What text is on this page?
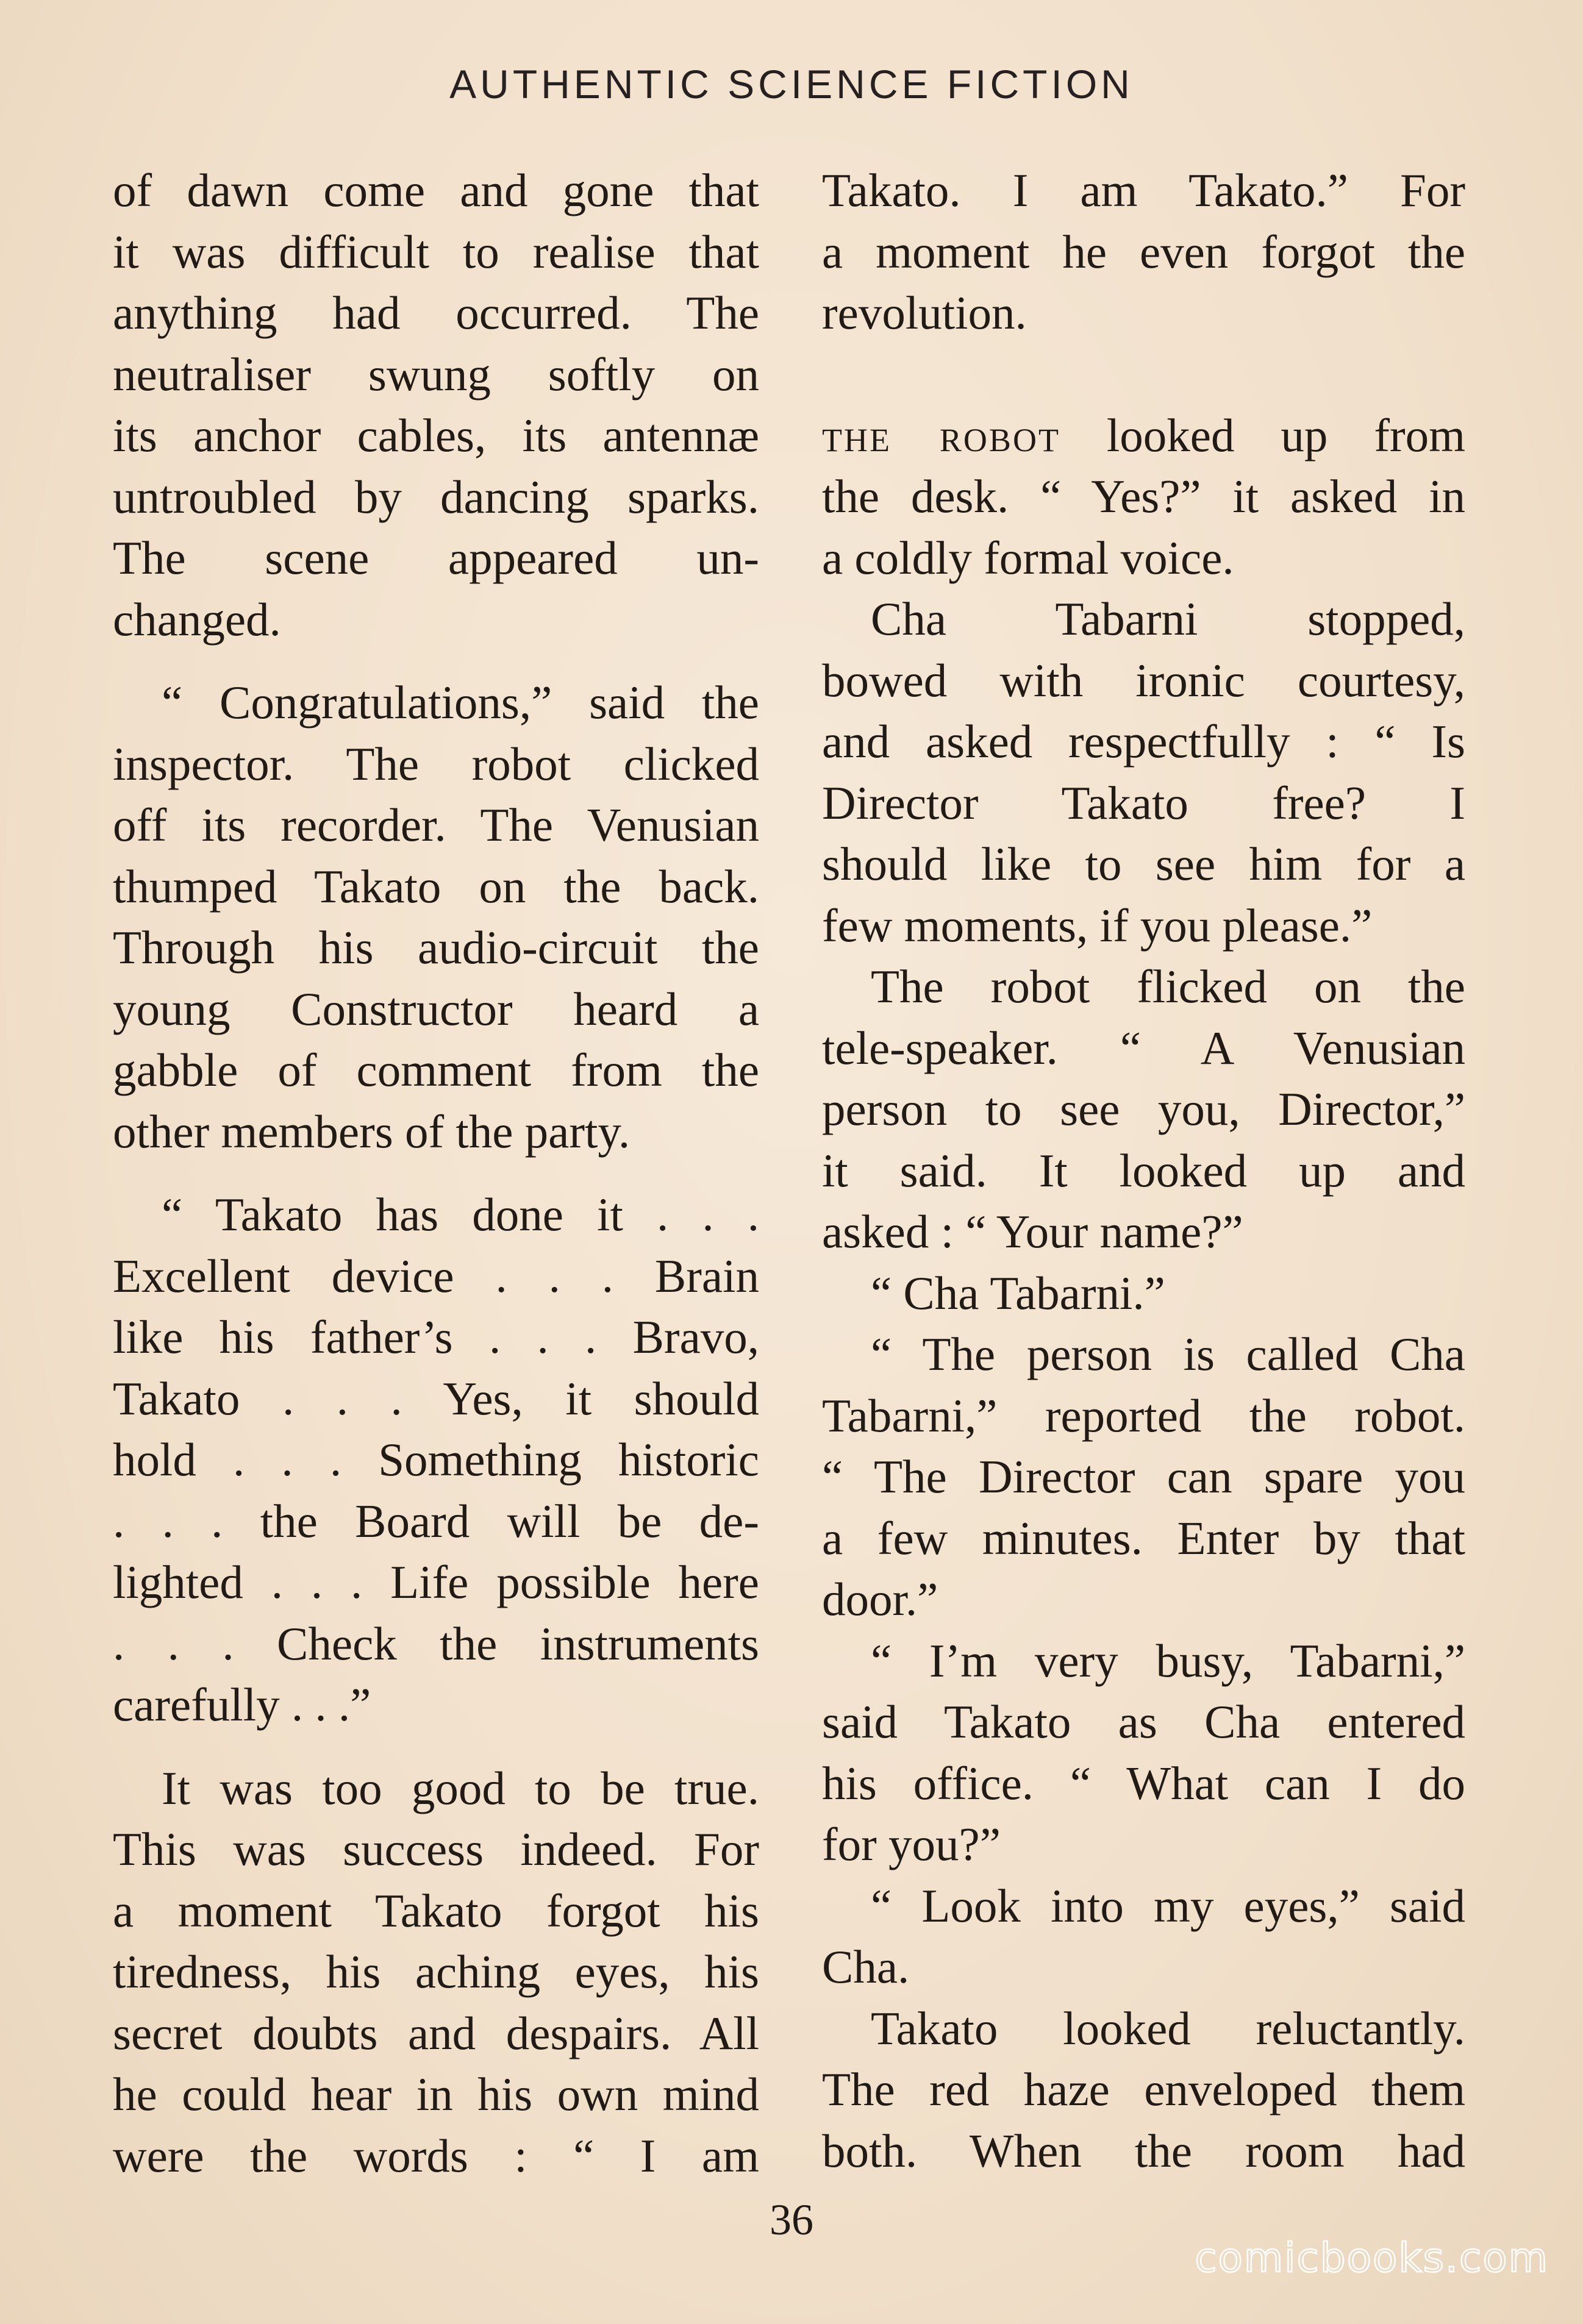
AUTHENTIC SCIENCE FICTION
of dawn come and gone that
it was difficult to realise that
anything had occurred. The
neutraliser swung softly on
its anchor cables, its antennæ
untroubled by dancing sparks.
The scene appeared un-
changed.
“ Congratulations,” said the
inspector. The robot clicked
off its recorder. The Venusian
thumped Takato on the back.
Through his audio-circuit the
young Constructor heard a
gabble of comment from the
other members of the party.
“ Takato has done it . . .
Excellent device . . . Brain
like his father’s . . . Bravo,
Takato . . . Yes, it should
hold . . . Something historic
. . . the Board will be de-
lighted . . . Life possible here
. . . Check the instruments
carefully . . .”
It was too good to be true.
This was success indeed. For
a moment Takato forgot his
tiredness, his aching eyes, his
secret doubts and despairs. All
he could hear in his own mind
were the words : “ I am
Takato. I am Takato.” For
a moment he even forgot the
revolution.
the robot looked up from
the desk. “ Yes?” it asked in
a coldly formal voice.
Cha Tabarni stopped,
bowed with ironic courtesy,
and asked respectfully : “ Is
Director Takato free? I
should like to see him for a
few moments, if you please.”
The robot flicked on the
tele-speaker. “ A Venusian
person to see you, Director,”
it said. It looked up and
asked : “ Your name?”
“ Cha Tabarni.”
“ The person is called Cha
Tabarni,” reported the robot.
“ The Director can spare you
a few minutes. Enter by that
door.”
“ I’m very busy, Tabarni,”
said Takato as Cha entered
his office. “ What can I do
for you?”
“ Look into my eyes,” said
Cha.
Takato looked reluctantly.
The red haze enveloped them
both. When the room had
36
comicbooks.com
